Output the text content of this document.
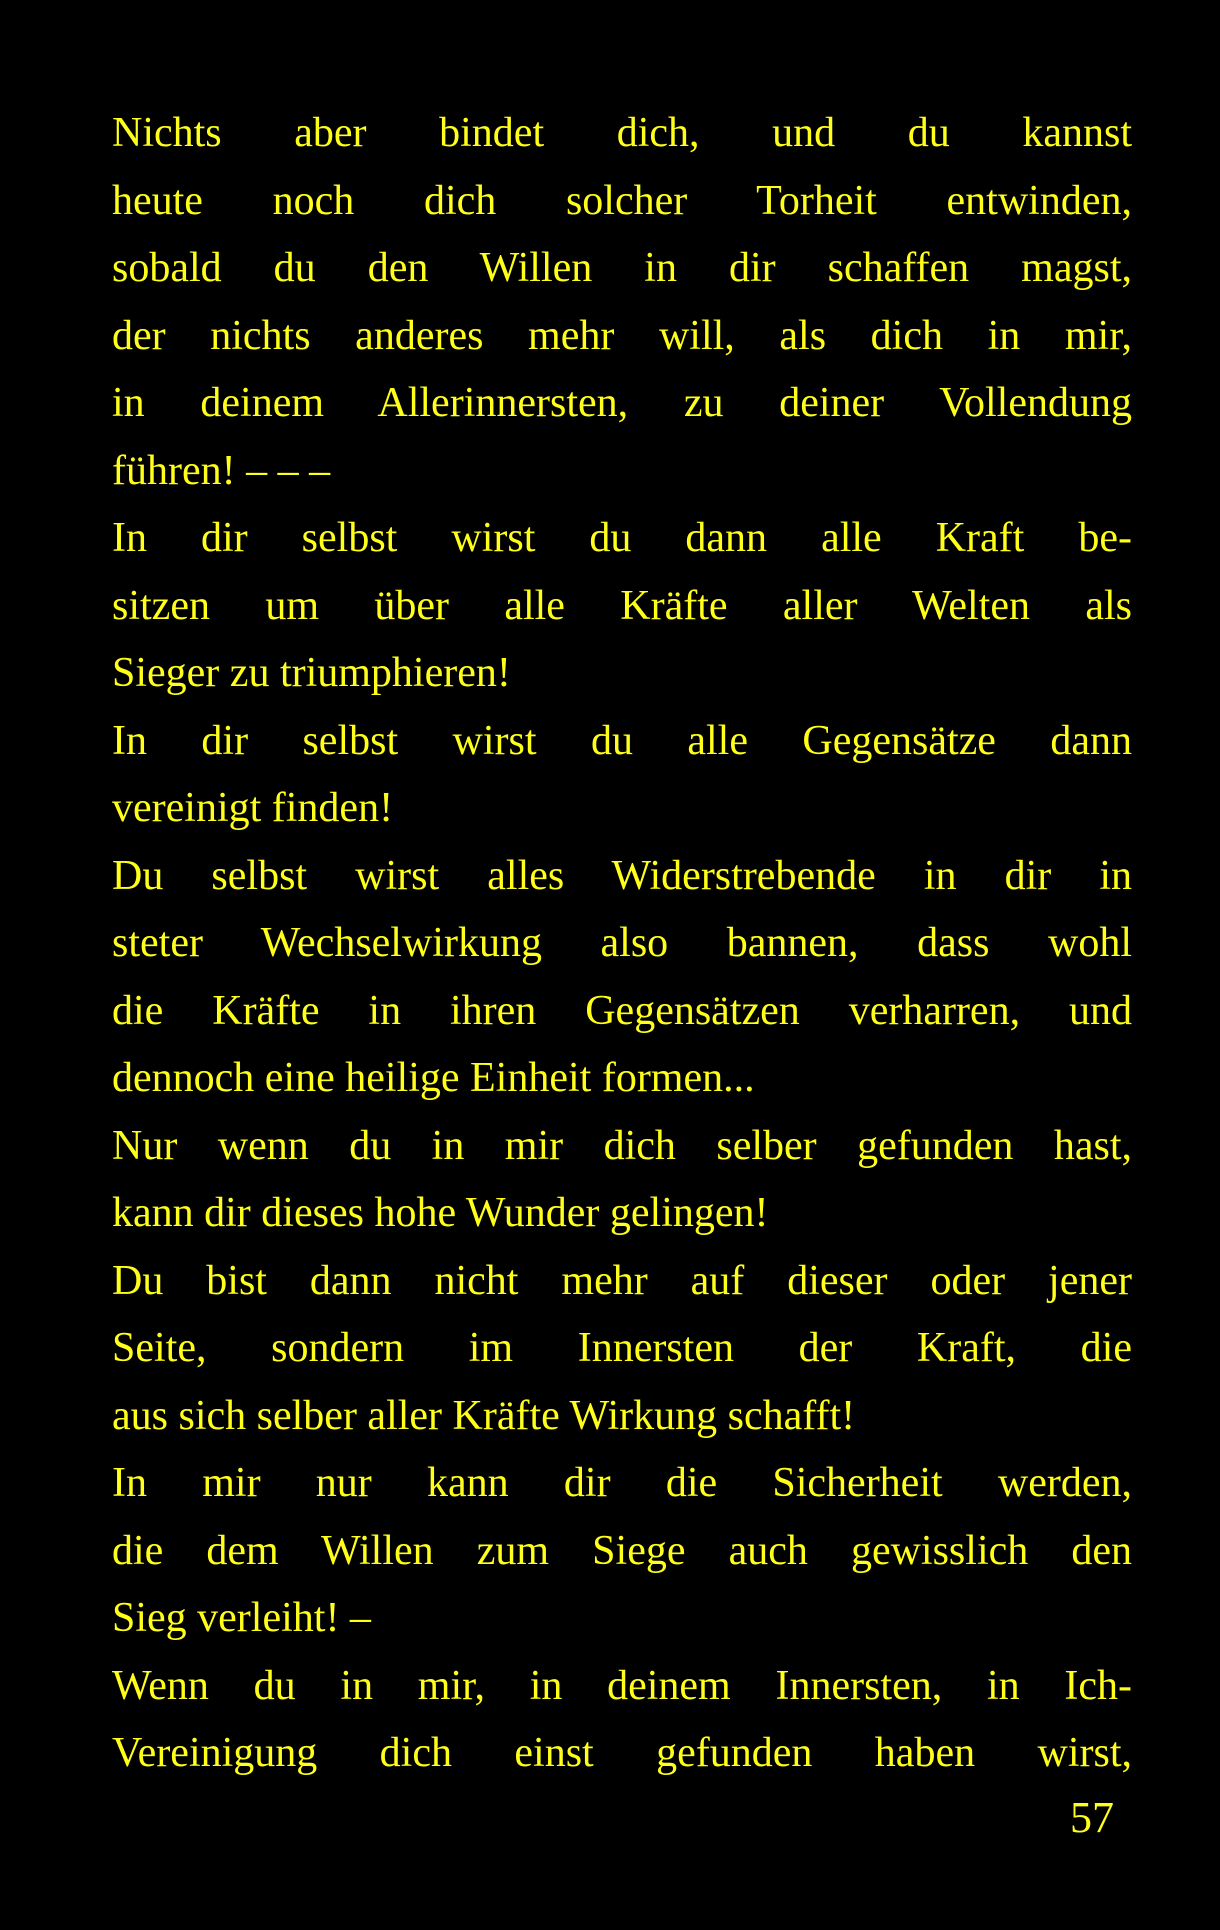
Nichts aber bindet dich, und du kannst
heute noch dich solcher Torheit entwinden,
sobald du den Willen in dir schaffen magst,
der nichts anderes mehr will, als dich in mir,
in deinem Allerinnersten, zu deiner Vollendung
führen! – – –
In dir selbst wirst du dann alle Kraft be-
sitzen um über alle Kräfte aller Welten als
Sieger zu triumphieren!
In dir selbst wirst du alle Gegensätze dann
vereinigt finden!
Du selbst wirst alles Widerstrebende in dir in
steter Wechselwirkung also bannen, dass wohl
die Kräfte in ihren Gegensätzen verharren, und
dennoch eine heilige Einheit formen...
Nur wenn du in mir dich selber gefunden hast,
kann dir dieses hohe Wunder gelingen!
Du bist dann nicht mehr auf dieser oder jener
Seite, sondern im Innersten der Kraft, die
aus sich selber aller Kräfte Wirkung schafft!
In mir nur kann dir die Sicherheit werden,
die dem Willen zum Siege auch gewisslich den
Sieg verleiht! –
Wenn du in mir, in deinem Innersten, in Ich-
Vereinigung dich einst gefunden haben wirst,
57
